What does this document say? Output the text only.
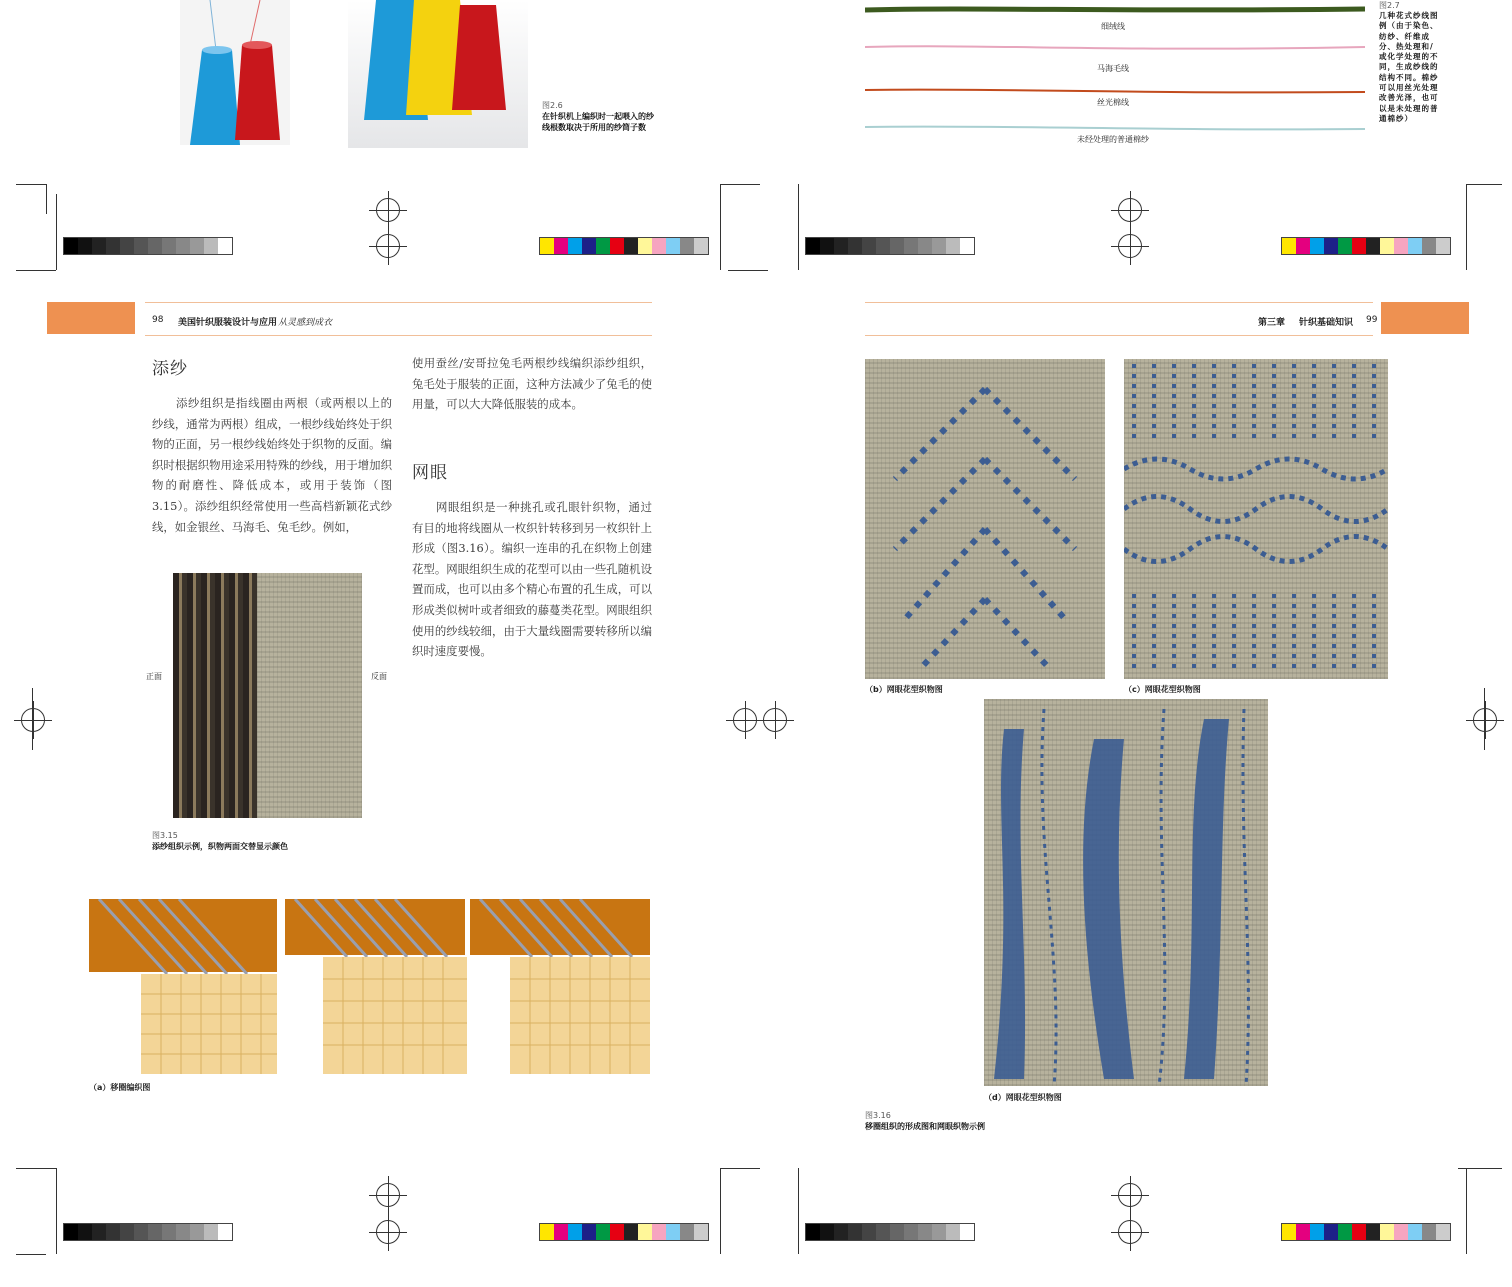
图2.6
在针织机上编织时一起喂入的纱线根数取决于所用的纱筒子数
细绒线
马海毛线
丝光棉线
未经处理的普通棉纱
图2.7
几种花式纱线图例（由于染色、纺纱、纤维成分、热处理和/或化学处理的不同，生成纱线的结构不同。棉纱可以用丝光处理改善光泽，也可以是未处理的普通棉纱）
98 美国针织服装设计与应用 从灵感到成衣
添纱

添纱组织是指线圈由两根（或两根以上的纱线，通常为两根）组成，一根纱线始终处于织物的正面，另一根纱线始终处于织物的反面。编织时根据织物用途采用特殊的纱线，用于增加织物的耐磨性、降低成本，或用于装饰（图3.15）。添纱组织经常使用一些高档新颖花式纱线，如金银丝、马海毛、兔毛纱。例如，

使用蚕丝/安哥拉兔毛两根纱线编织添纱组织，兔毛处于服装的正面，这种方法减少了兔毛的使用量，可以大大降低服装的成本。

网眼

网眼组织是一种挑孔或孔眼针织物，通过有目的地将线圈从一枚织针转移到另一枚织针上形成（图3.16）。编织一连串的孔在织物上创建花型。网眼组织生成的花型可以由一些孔随机设置而成，也可以由多个精心布置的孔生成，可以形成类似树叶或者细致的藤蔓类花型。网眼组织使用的纱线较细，由于大量线圈需要转移所以编织时速度要慢。

正面	反面
图3.15
添纱组织示例，织物两面交替显示颜色
（a）移圈编织图
第三章 针织基础知识 99
（b）网眼花型织物图	（c）网眼花型织物图
（d）网眼花型织物图
图3.16
移圈组织的形成图和网眼织物示例
